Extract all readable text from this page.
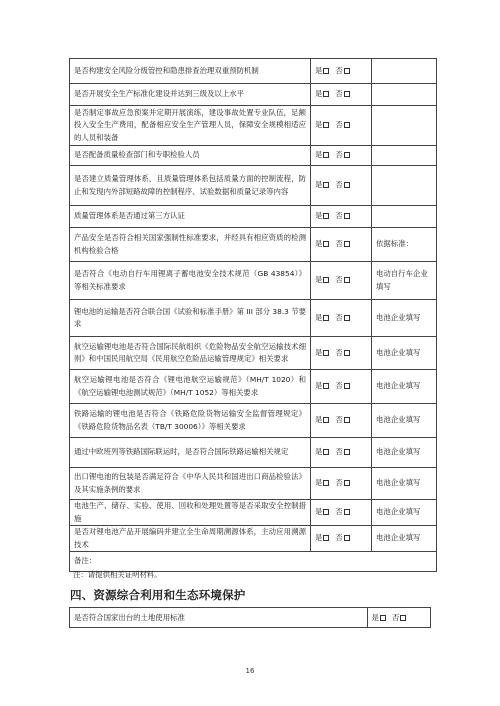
是否构建安全风险分级管控和隐患排查治理双重预防机制	是 否	
是否开展安全生产标准化建设并达到三级及以上水平	是 否	
是否制定事故应急预案并定期开展演练，建设事故处置专业队伍，足额投入安全生产费用，配备相应安全生产管理人员，保障安全规模相适应的人员和装备	是 否	
是否配备质量检查部门和专职检验人员	是 否	
是否建立质量管理体系，且质量管理体系包括质量方面的控制流程，防止和发现内外部短路故障的控制程序、试验数据和质量记录等内容	是 否	
质量管理体系是否通过第三方认证	是 否	
产品安全是否符合相关国家强制性标准要求，并经具有相应资质的检测机构检验合格	是 否	依据标准：
是否符合《电动自行车用锂离子蓄电池安全技术规范（GB 43854）》等相关标准要求	是 否	电动自行车企业填写
锂电池的运输是否符合联合国《试验和标准手册》第 III 部分 38.3 节要求	是 否	电池企业填写
航空运输锂电池是否符合国际民航组织《危险物品安全航空运输技术细则》和中国民用航空局《民用航空危险品运输管理规定》相关要求	是 否	电池企业填写
航空运输锂电池是否符合《锂电池航空运输规范》（MH/T 1020）和《航空运输锂电池测试规范》（MH/T 1052）等相关要求	是 否	电池企业填写
铁路运输的锂电池是否符合《铁路危险货物运输安全监督管理规定》《铁路危险货物品名表（TB/T 30006）》等相关要求	是 否	电池企业填写
通过中欧班列等铁路国际联运时，是否符合国际铁路运输相关规定	是 否	电池企业填写
出口锂电池的包装是否满足符合《中华人民共和国进出口商品检验法》及其实施条例的要求	是 否	电池企业填写
电池生产、储存、实验、使用、回收和处理处置等是否采取安全控制措施	是 否	电池企业填写
是否对锂电池产品开展编码并建立全生命周期溯源体系，主动应用溯源技术	是 否	电池企业填写
备注：		
注：请提供相关证明材料。
四、资源综合利用和生态环境保护
是否符合国家出台的土地使用标准	是 否
16
